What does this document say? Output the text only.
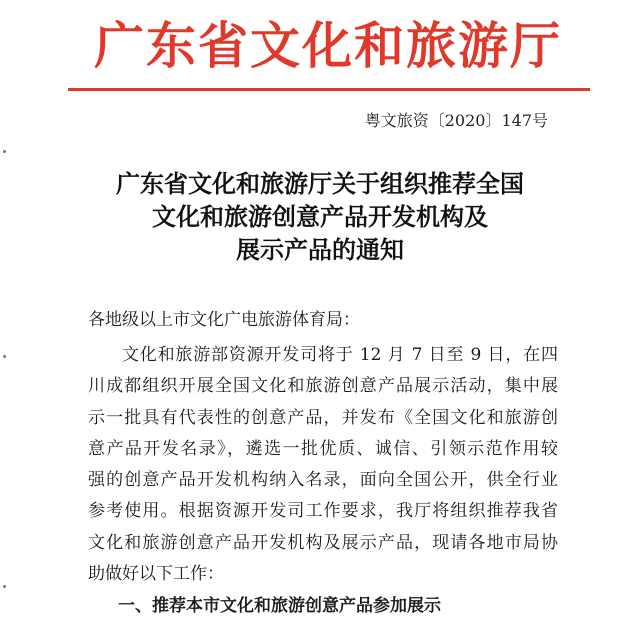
广东省文化和旅游厅
粤文旅资〔2020〕147号
广东省文化和旅游厅关于组织推荐全国
文化和旅游创意产品开发机构及
展示产品的通知
各地级以上市文化广电旅游体育局：
文化和旅游部资源开发司将于 12 月 7 日至 9 日，在四
川成都组织开展全国文化和旅游创意产品展示活动，集中展
示一批具有代表性的创意产品，并发布《全国文化和旅游创
意产品开发名录》，遴选一批优质、诚信、引领示范作用较
强的创意产品开发机构纳入名录，面向全国公开，供全行业
参考使用。根据资源开发司工作要求，我厅将组织推荐我省
文化和旅游创意产品开发机构及展示产品，现请各地市局协
助做好以下工作：
一、推荐本市文化和旅游创意产品参加展示
